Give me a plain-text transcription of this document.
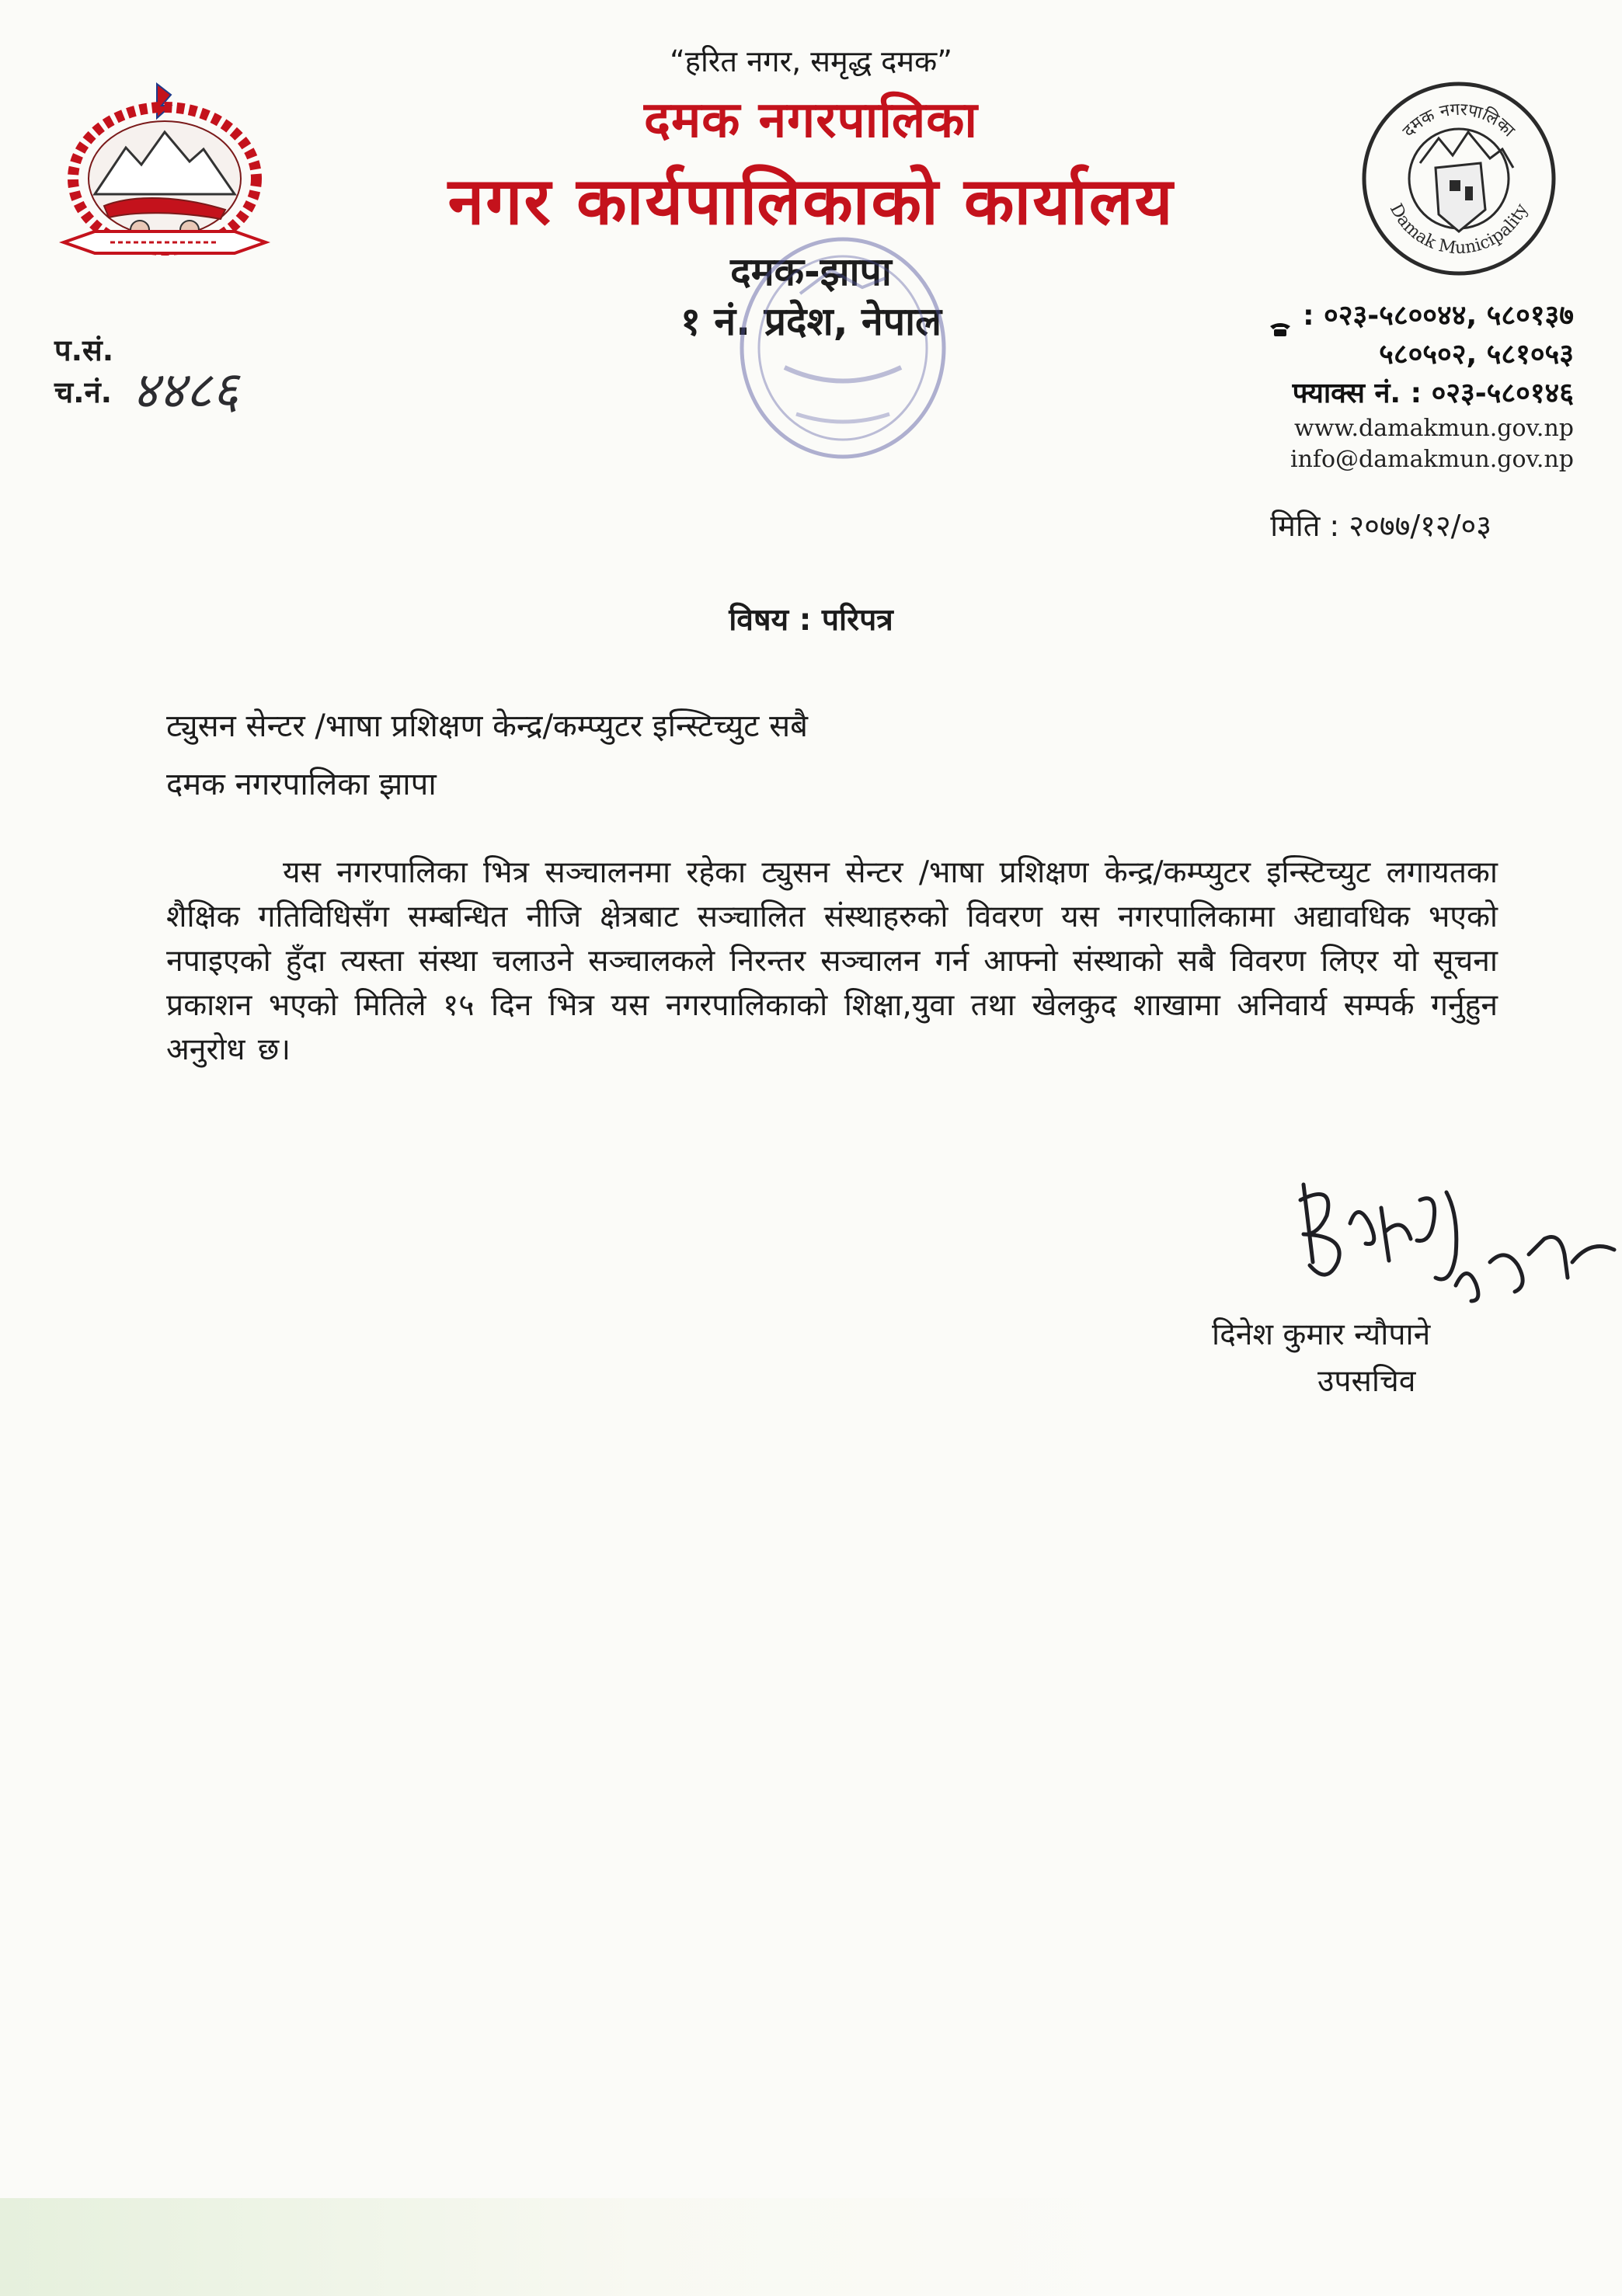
“हरित नगर, समृद्ध दमक”
दमक नगरपालिका
नगर कार्यपालिकाको कार्यालय
दमक-झापा
१ नं. प्रदेश, नेपाल
दमक नगरपालिका
Damak Municipality
प.सं.
च.नं. ४४८६
: ०२३-५८००४४, ५८०१३७
५८०५०२, ५८१०५३
फ्याक्स नं. : ०२३-५८०१४६
www.damakmun.gov.np
info@damakmun.gov.np
मिति : २०७७/१२/०३
विषय : परिपत्र
ट्युसन सेन्टर /भाषा प्रशिक्षण केन्द्र/कम्प्युटर इन्स्टिच्युट सबै
दमक नगरपालिका झापा
यस नगरपालिका भित्र सञ्चालनमा रहेका ट्युसन सेन्टर /भाषा प्रशिक्षण केन्द्र/कम्प्युटर इन्स्टिच्युट लगायतका शैक्षिक गतिविधिसँग सम्बन्धित नीजि क्षेत्रबाट सञ्चालित संस्थाहरुको विवरण यस नगरपालिकामा अद्यावधिक भएको नपाइएको हुँदा त्यस्ता संस्था चलाउने सञ्चालकले निरन्तर सञ्चालन गर्न आफ्नो संस्थाको सबै विवरण लिएर यो सूचना प्रकाशन भएको मितिले १५ दिन भित्र यस नगरपालिकाको शिक्षा,युवा तथा खेलकुद शाखामा अनिवार्य सम्पर्क गर्नुहुन अनुरोध छ।
दिनेश कुमार न्यौपाने
उपसचिव
